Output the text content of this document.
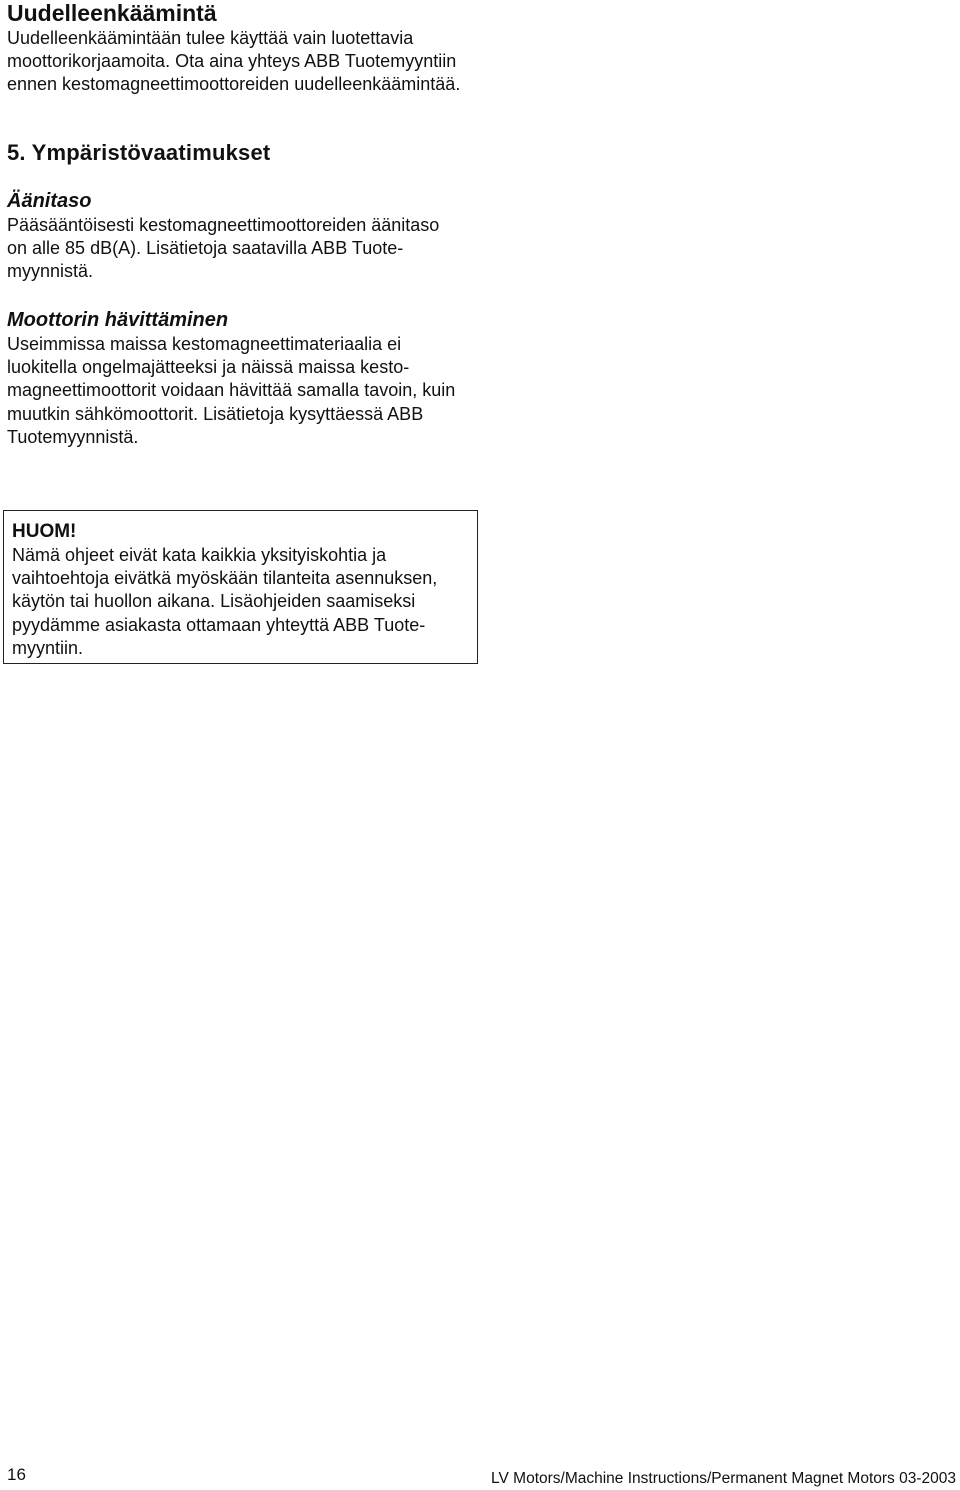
Uudelleenkäämintä
Uudelleenkäämintään tulee käyttää vain luotettavia
moottorikorjaamoita. Ota aina yhteys ABB Tuotemyyntiin
ennen kestomagneettimoottoreiden uudelleenkäämintää.
5. Ympäristövaatimukset
Äänitaso
Pääsääntöisesti kestomagneettimoottoreiden äänitaso
on alle 85 dB(A). Lisätietoja saatavilla ABB Tuote-
myynnistä.
Moottorin hävittäminen
Useimmissa maissa kestomagneettimateriaalia ei
luokitella ongelmajätteeksi ja näissä maissa kesto-
magneettimoottorit voidaan hävittää samalla tavoin, kuin
muutkin sähkömoottorit. Lisätietoja kysyttäessä ABB
Tuotemyynnistä.
HUOM!
Nämä ohjeet eivät kata kaikkia yksityiskohtia ja
vaihtoehtoja eivätkä myöskään tilanteita asennuksen,
käytön tai huollon aikana. Lisäohjeiden saamiseksi
pyydämme asiakasta ottamaan yhteyttä ABB Tuote-
myyntiin.
16	LV Motors/Machine Instructions/Permanent Magnet Motors 03-2003
